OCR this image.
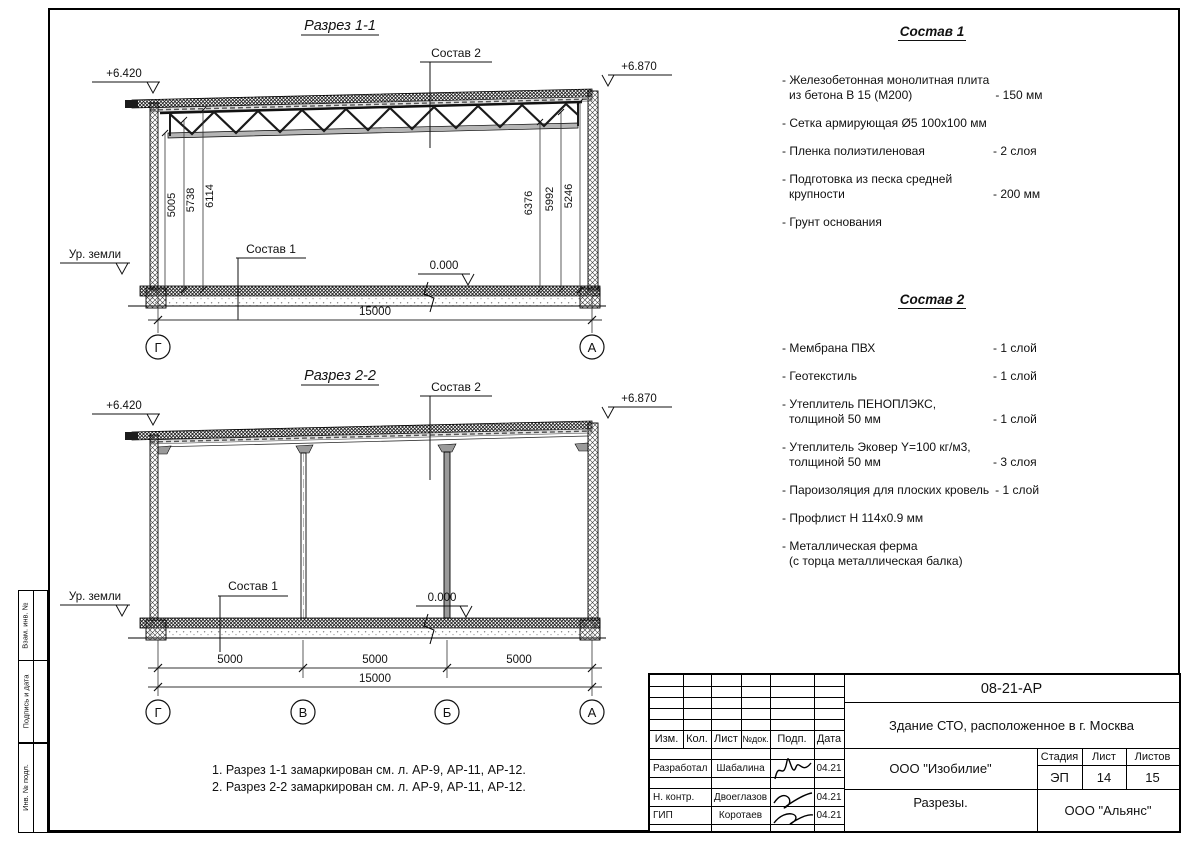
Разрез 1-1
5005 5738 6114	6376 5992 5246
+6.420
+6.870
Состав 2
Состав 1
Ур. земли
0.000
15000
Г	А
Разрез 2-2
+6.420
+6.870
Состав 2
Состав 1
Ур. земли	0.000
5000	5000	5000
15000
Г	В	Б	А
Взам. инв. №
Подпись и дата
Инв. № подл.
Состав 1
- Железобетонная монолитная плита
из бетона В 15 (М200)	- 150 мм
- Сетка армирующая Ø5 100х100 мм
- Пленка полиэтиленовая	- 2 слоя
- Подготовка из песка средней
крупности	- 200 мм
- Грунт основания
Состав 2
- Мембрана ПВХ	- 1 слой
- Геотекстиль	- 1 слой
- Утеплитель ПЕНОПЛЭКС,
толщиной 50 мм	- 1 слой
- Утеплитель Эковер Y=100 кг/м3,
толщиной 50 мм	- 3 слоя
- Пароизоляция для плоских кровель - 1 слой
- Профлист Н 114х0.9 мм
- Металлическая ферма
(с торца металлическая балка)
1. Разрез 1-1 замаркирован см. л. АР-9, АР-11, АР-12.
2. Разрез 2-2 замаркирован см. л. АР-9, АР-11, АР-12.
Изм. Кол. Лист №док. Подп. Дата
Разработал Шабалина	04.21
Н. контр.	Двоеглазов	04.21
ГИП	Коротаев	04.21
08-21-АР
Здание СТО, расположенное в г. Москва
ООО "Изобилие"
Разрезы.
Стадия	Лист	Листов
ЭП	14	15
ООО "Альянс"
